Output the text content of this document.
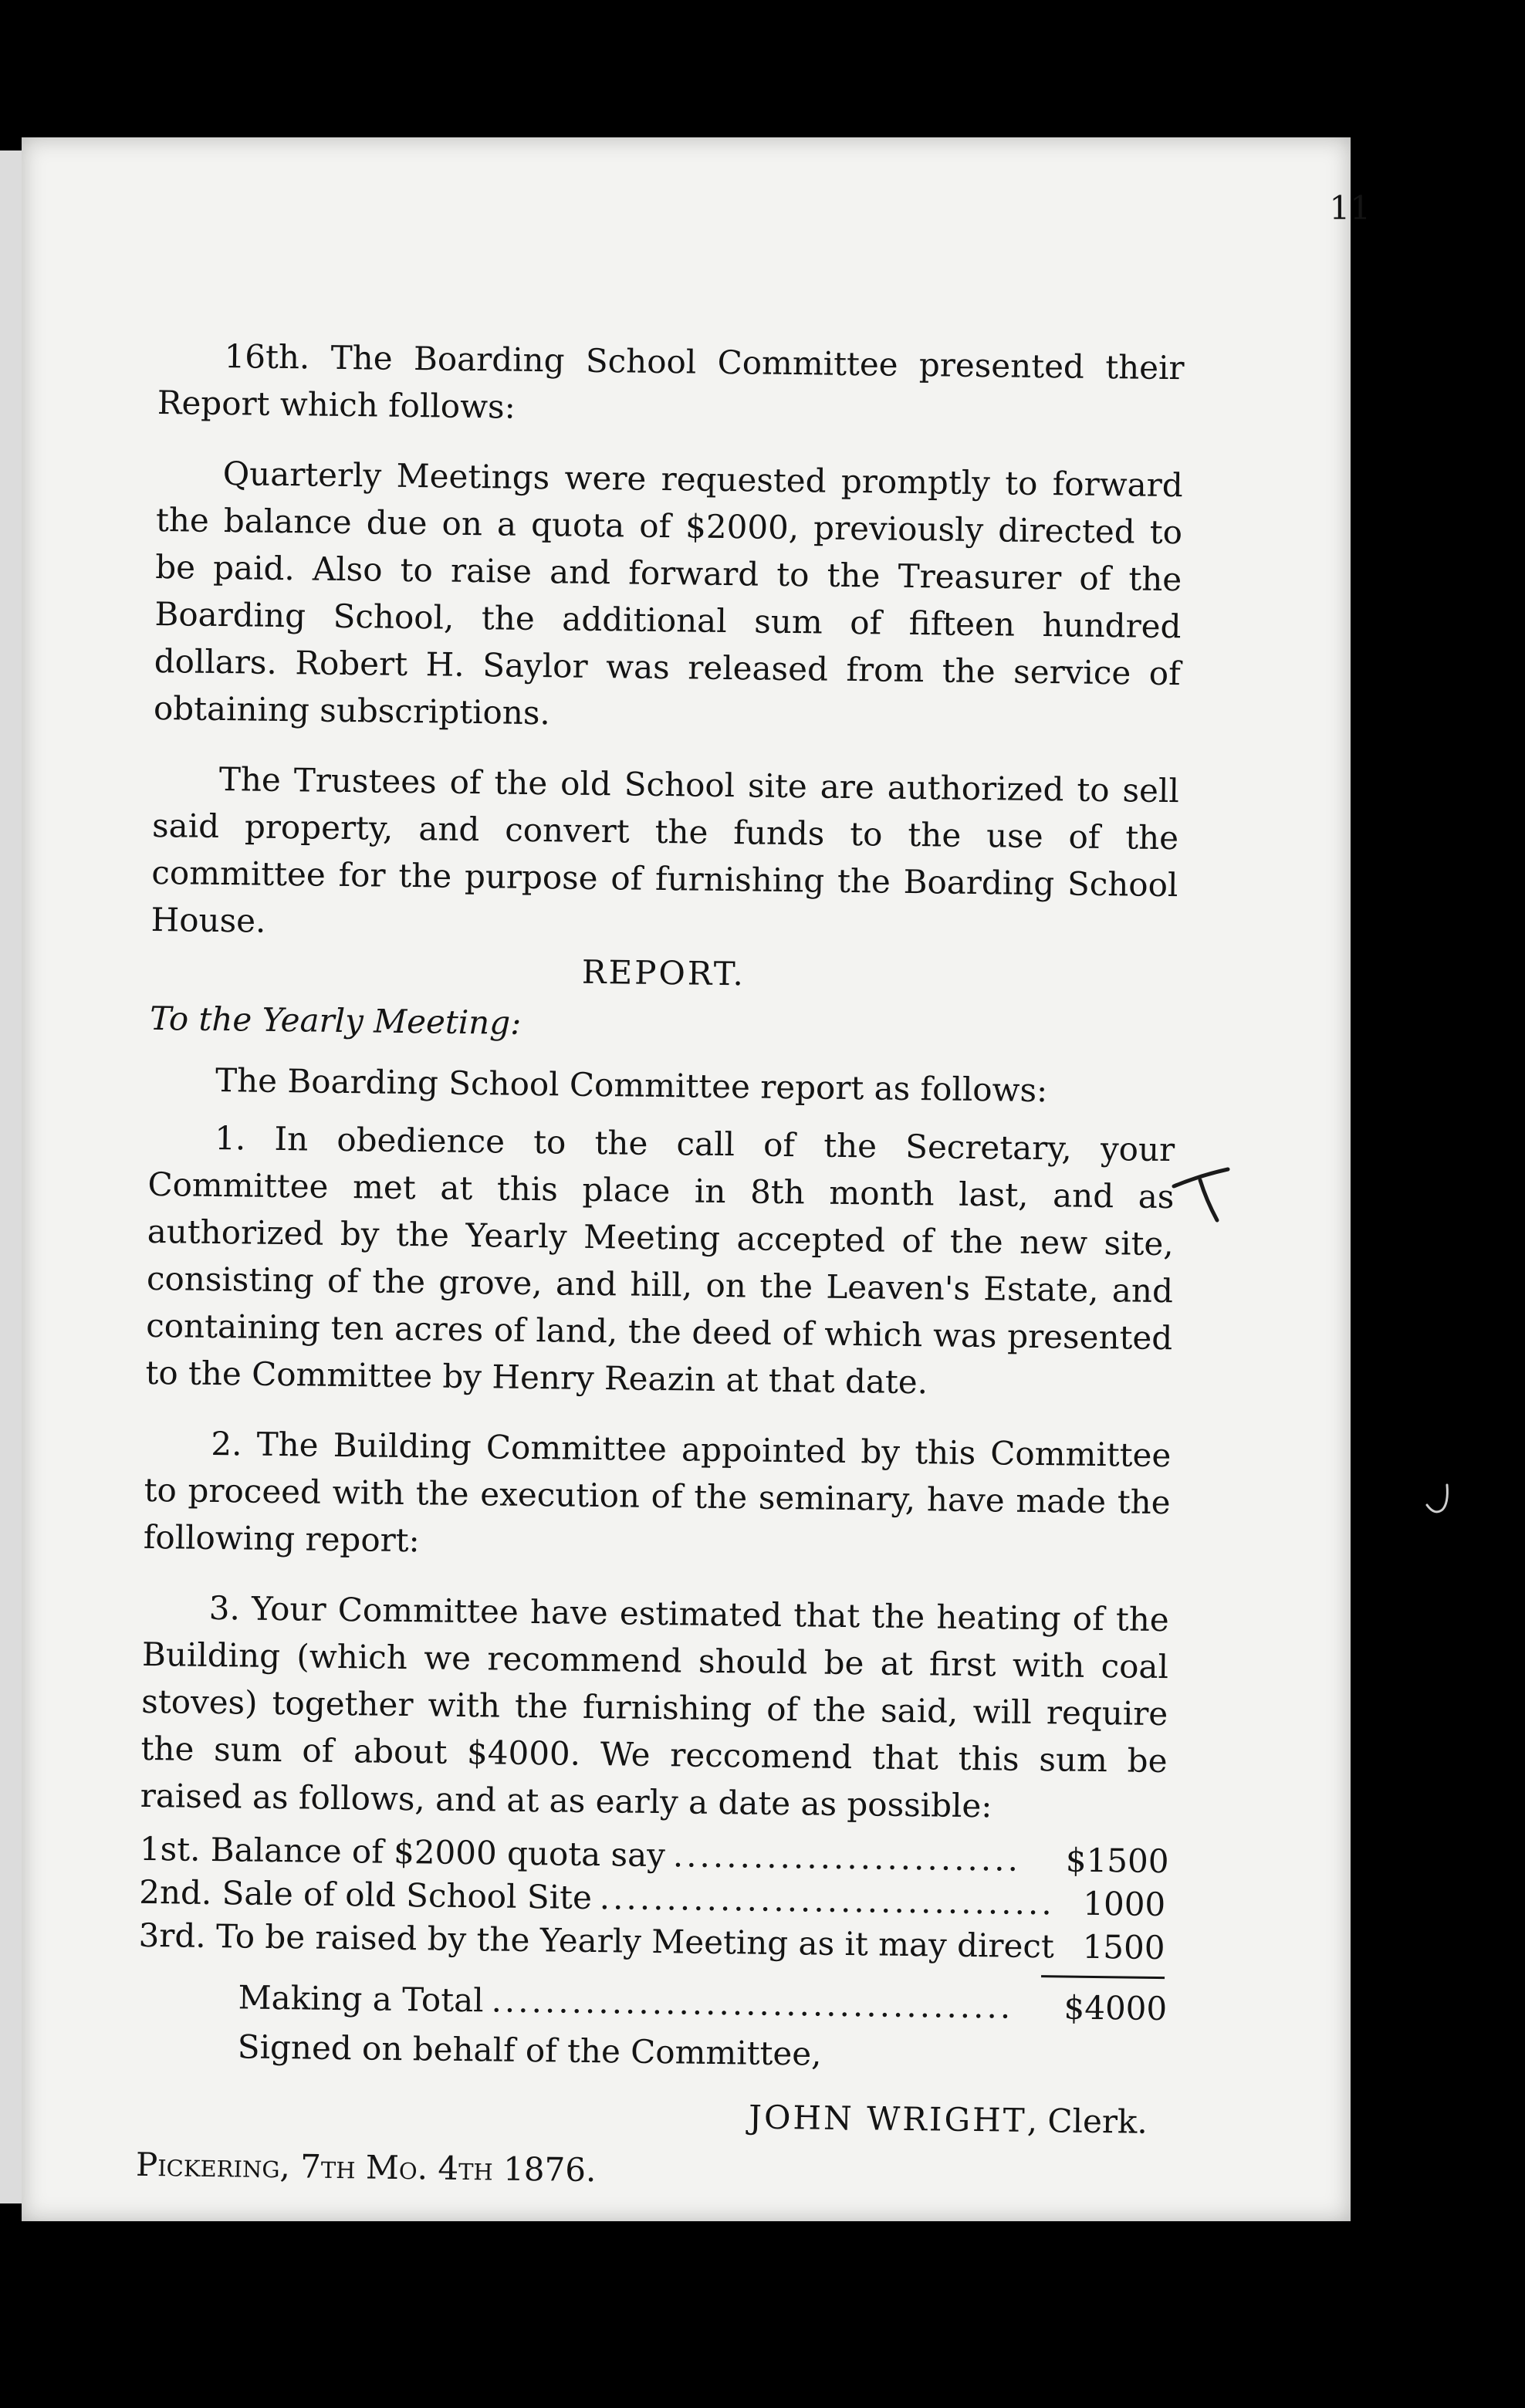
11

16th. The Boarding School Committee presented their Report which follows:

Quarterly Meetings were requested promptly to forward the balance due on a quota of $2000, previously directed to be paid. Also to raise and forward to the Treasurer of the Boarding School, the additional sum of fifteen hundred dollars. Robert H. Saylor was released from the service of obtaining subscriptions.

The Trustees of the old School site are authorized to sell said property, and convert the funds to the use of the committee for the purpose of furnishing the Boarding School House.

REPORT.

To the Yearly Meeting:

The Boarding School Committee report as follows:

1. In obedience to the call of the Secretary, your Committee met at this place in 8th month last, and as authorized by the Yearly Meeting accepted of the new site, consisting of the grove, and hill, on the Leaven's Estate, and containing ten acres of land, the deed of which was presented to the Committee by Henry Reazin at that date.

2. The Building Committee appointed by this Committee to proceed with the execution of the seminary, have made the following report:

3. Your Committee have estimated that the heating of the Building (which we recommend should be at first with coal stoves) together with the furnishing of the said, will require the sum of about $4000. We reccomend that this sum be raised as follows, and at as early a date as possible:

1st. Balance of $2000 quota say ..........................	$1500
2nd. Sale of old School Site .................................. 1000
3rd. To be raised by the Yearly Meeting as it may direct 1500
Making a Total .......................................	$4000
Signed on behalf of the Committee,
JOHN WRIGHT, Clerk.
Pickering, 7th Mo. 4th 1876.
